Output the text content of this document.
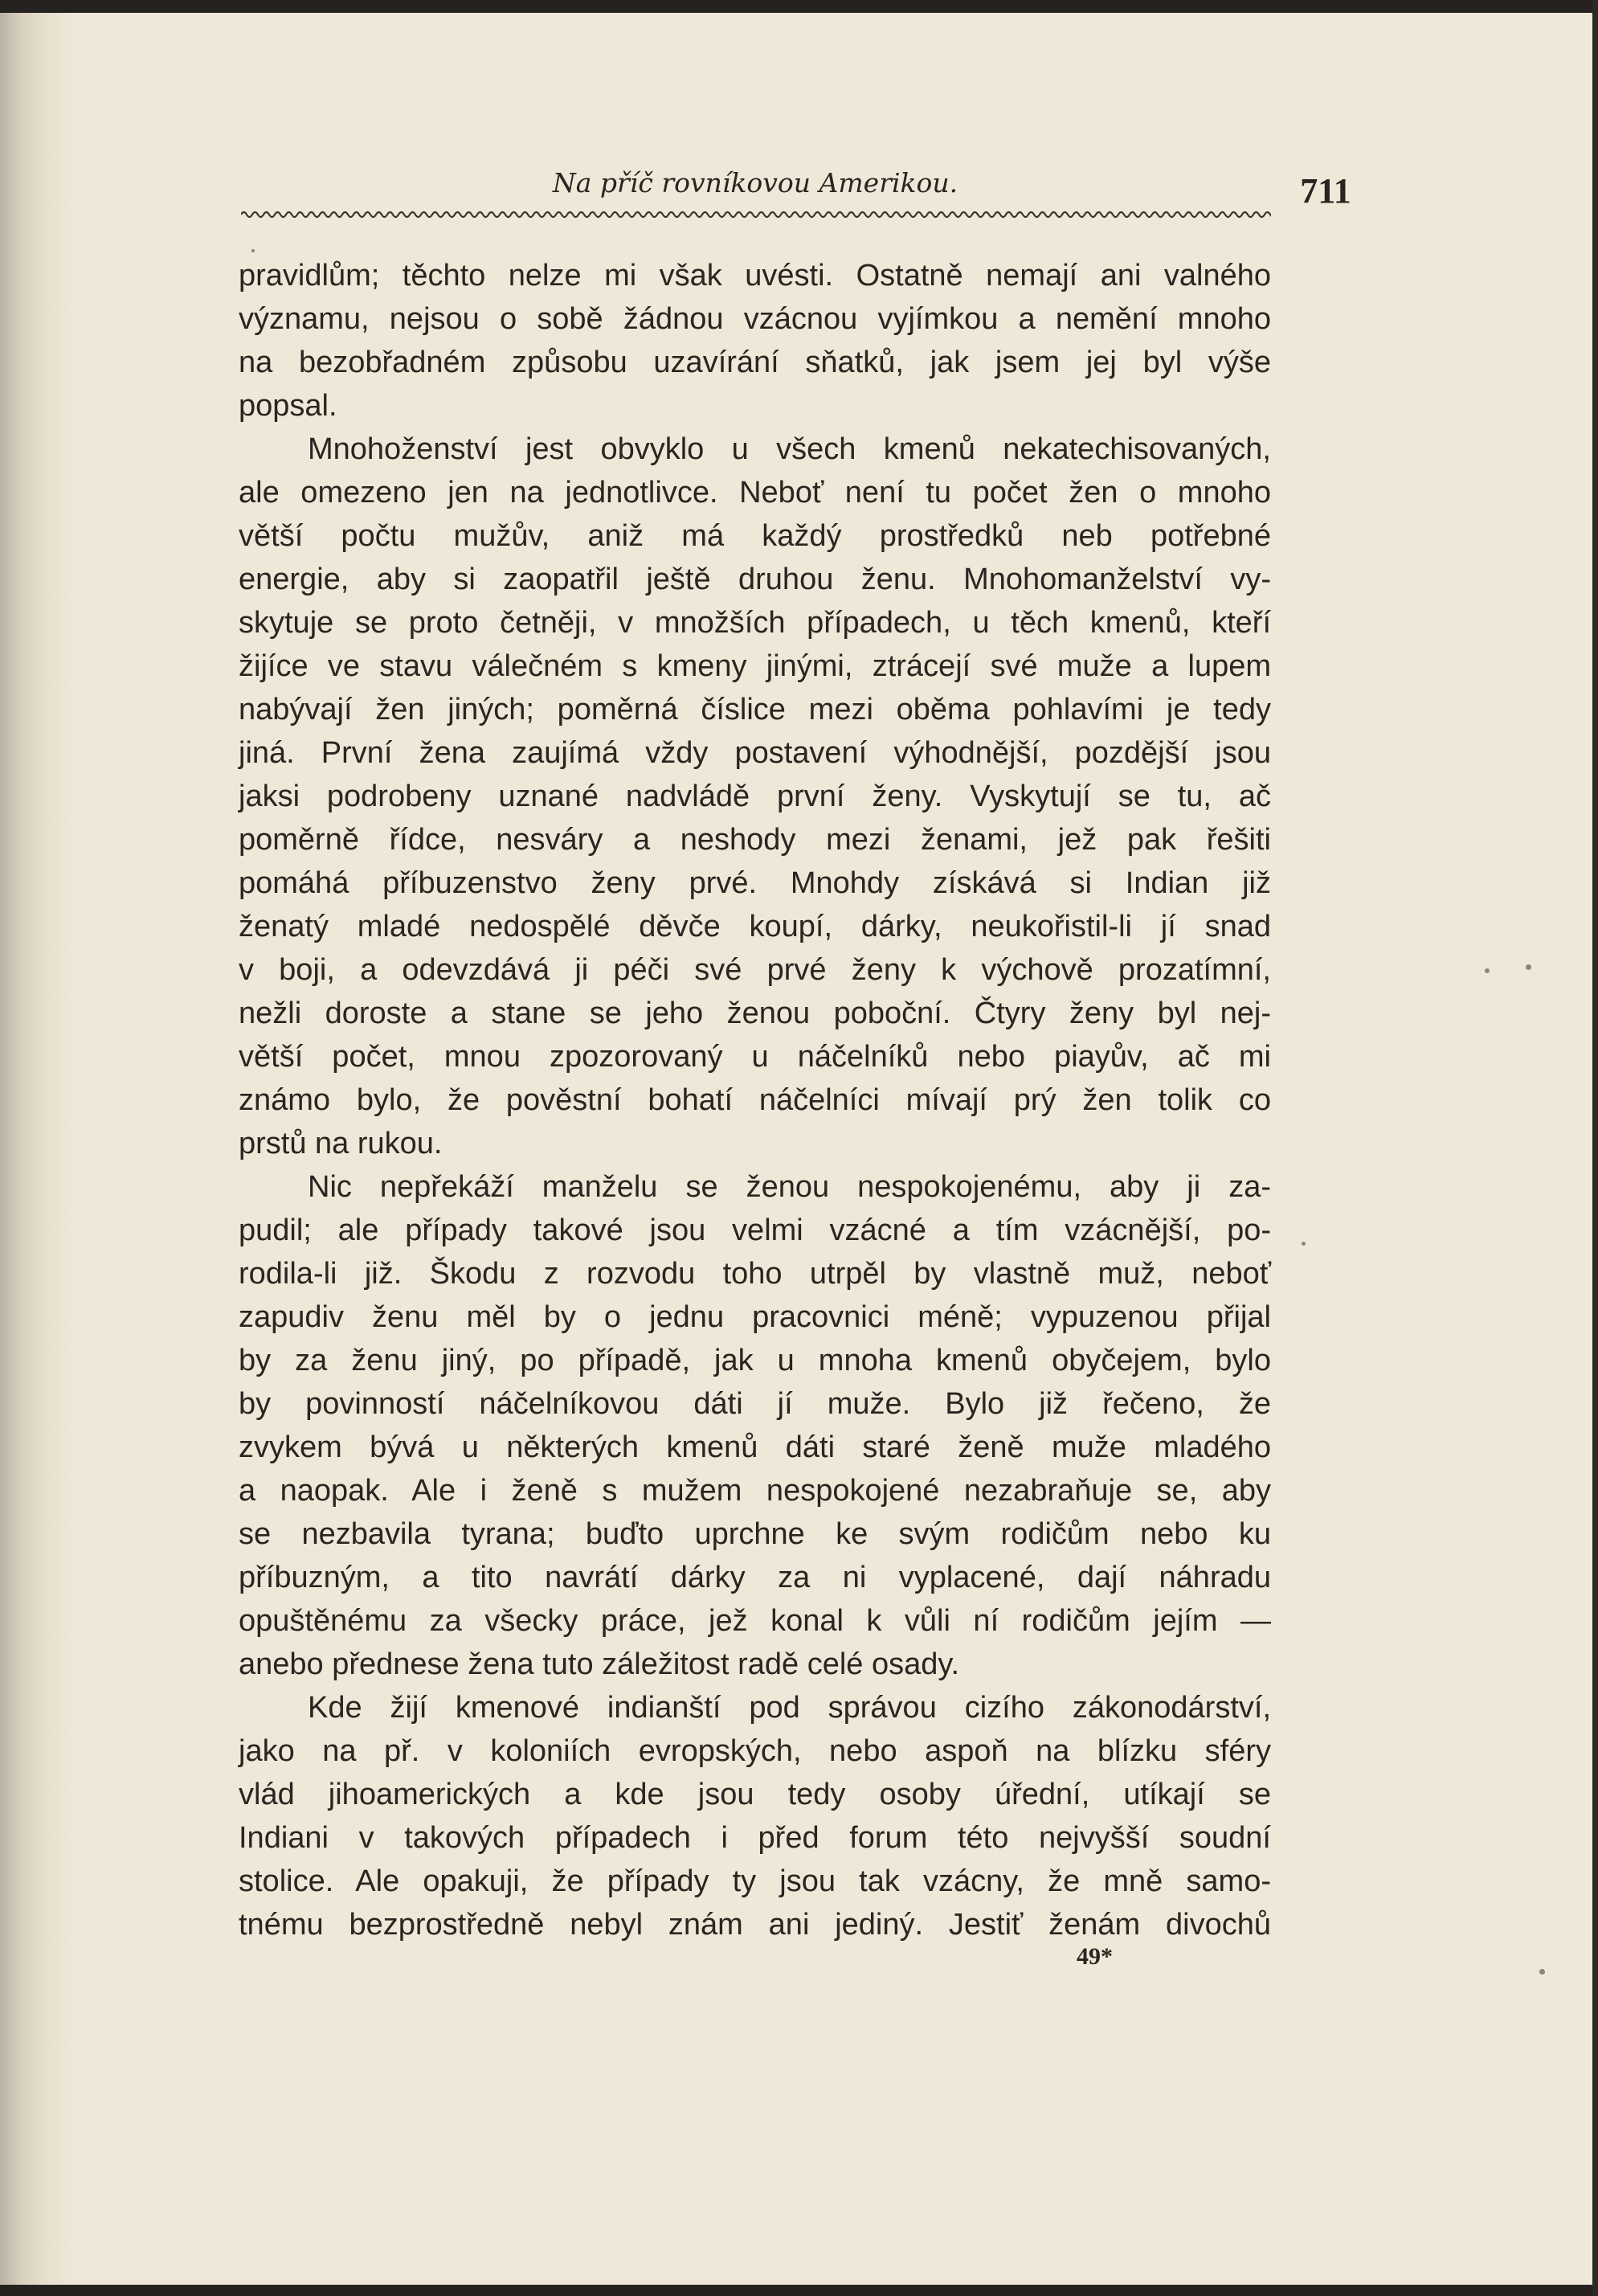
Na příč rovníkovou Amerikou.	711
pravidlům; těchto nelze mi však uvésti. Ostatně nemají ani valného
významu, nejsou o sobě žádnou vzácnou vyjímkou a nemění mnoho
na bezobřadném způsobu uzavírání sňatků, jak jsem jej byl výše
popsal.
Mnohoženství jest obvyklo u všech kmenů nekatechisovaných,
ale omezeno jen na jednotlivce. Neboť není tu počet žen o mnoho
větší počtu mužův, aniž má každý prostředků neb potřebné
energie, aby si zaopatřil ještě druhou ženu. Mnohomanželství vy-
skytuje se proto četněji, v množších případech, u těch kmenů, kteří
žijíce ve stavu válečném s kmeny jinými, ztrácejí své muže a lupem
nabývají žen jiných; poměrná číslice mezi oběma pohlavími je tedy
jiná. První žena zaujímá vždy postavení výhodnější, pozdější jsou
jaksi podrobeny uznané nadvládě první ženy. Vyskytují se tu, ač
poměrně řídce, nesváry a neshody mezi ženami, jež pak řešiti
pomáhá příbuzenstvo ženy prvé. Mnohdy získává si Indian již
ženatý mladé nedospělé děvče koupí, dárky, neukořistil-li jí snad
v boji, a odevzdává ji péči své prvé ženy k výchově prozatímní,
nežli doroste a stane se jeho ženou poboční. Čtyry ženy byl nej-
větší počet, mnou zpozorovaný u náčelníků nebo piayův, ač mi
známo bylo, že pověstní bohatí náčelníci mívají prý žen tolik co
prstů na rukou.
Nic nepřekáží manželu se ženou nespokojenému, aby ji za-
pudil; ale případy takové jsou velmi vzácné a tím vzácnější, po-
rodila-li již. Škodu z rozvodu toho utrpěl by vlastně muž, neboť
zapudiv ženu měl by o jednu pracovnici méně; vypuzenou přijal
by za ženu jiný, po případě, jak u mnoha kmenů obyčejem, bylo
by povinností náčelníkovou dáti jí muže. Bylo již řečeno, že
zvykem bývá u některých kmenů dáti staré ženě muže mladého
a naopak. Ale i ženě s mužem nespokojené nezabraňuje se, aby
se nezbavila tyrana; buďto uprchne ke svým rodičům nebo ku
příbuzným, a tito navrátí dárky za ni vyplacené, dají náhradu
opuštěnému za všecky práce, jež konal k vůli ní rodičům jejím —
anebo přednese žena tuto záležitost radě celé osady.
Kde žijí kmenové indianští pod správou cizího zákonodárství,
jako na př. v koloniích evropských, nebo aspoň na blízku sféry
vlád jihoamerických a kde jsou tedy osoby úřední, utíkají se
Indiani v takových případech i před forum této nejvyšší soudní
stolice. Ale opakuji, že případy ty jsou tak vzácny, že mně samo-
tnému bezprostředně nebyl znám ani jediný. Jestiť ženám divochů
49*
